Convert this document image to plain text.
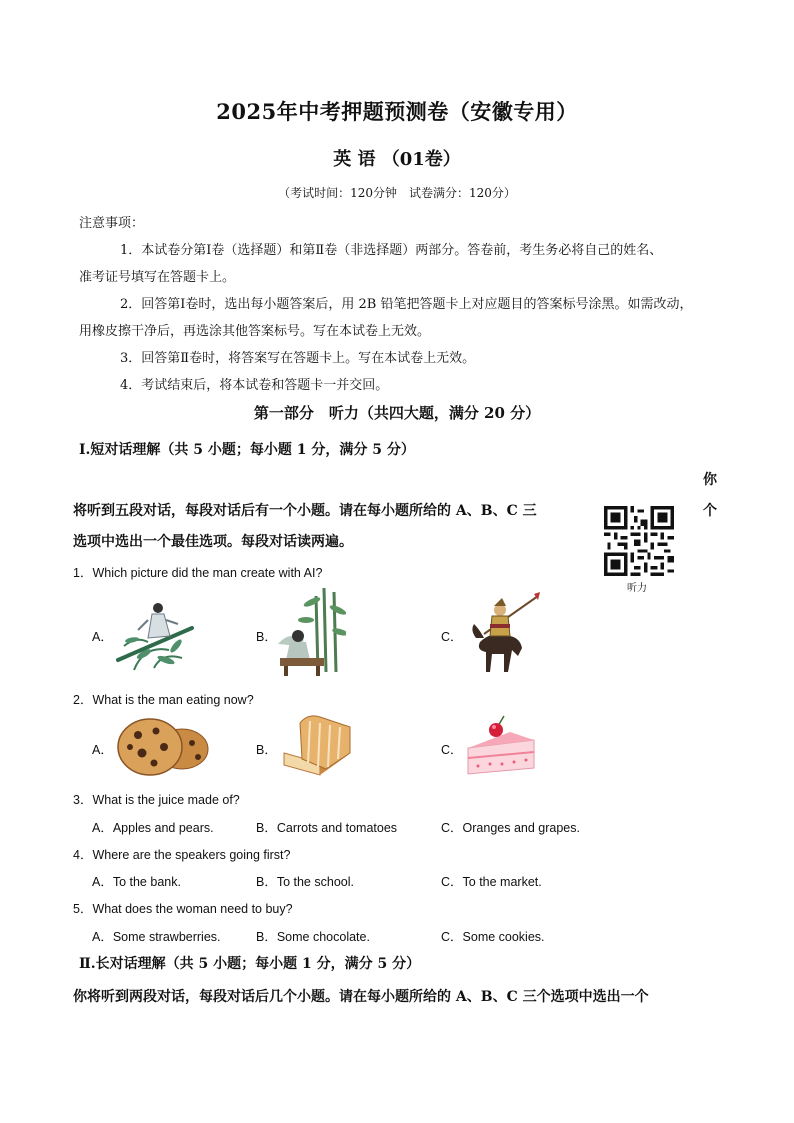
2025年中考押题预测卷（安徽专用）
英 语 （01卷）
（考试时间：120分钟　试卷满分：120分）
注意事项：
1．本试卷分第Ⅰ卷（选择题）和第Ⅱ卷（非选择题）两部分。答卷前，考生务必将自己的姓名、
准考证号填写在答题卡上。
2．回答第Ⅰ卷时，选出每小题答案后，用 2B 铅笔把答题卡上对应题目的答案标号涂黑。如需改动，
用橡皮擦干净后，再选涂其他答案标号。写在本试卷上无效。
3．回答第Ⅱ卷时，将答案写在答题卡上。写在本试卷上无效。
4．考试结束后，将本试卷和答题卡一并交回。
第一部分　听力（共四大题，满分 20 分）
Ⅰ.短对话理解（共 5 小题；每小题 1 分，满分 5 分）
你
将听到五段对话，每段对话后有一个小题。请在每小题所给的 A、B、C 三	个
选项中选出一个最佳选项。每段对话读两遍。
听力
1．Which picture did the man create with AI?
A．	B．	C．
2．What is the man eating now?
A．	B．	C．
3．What is the juice made of?
A．Apples and pears.	B．Carrots and tomatoes	C．Oranges and grapes.
4．Where are the speakers going first?
A．To the bank.	B．To the school.	C．To the market.
5．What does the woman need to buy?
A．Some strawberries.	B．Some chocolate.	C．Some cookies.
Ⅱ.长对话理解（共 5 小题；每小题 1 分，满分 5 分）
你将听到两段对话，每段对话后几个小题。请在每小题所给的 A、B、C 三个选项中选出一个
